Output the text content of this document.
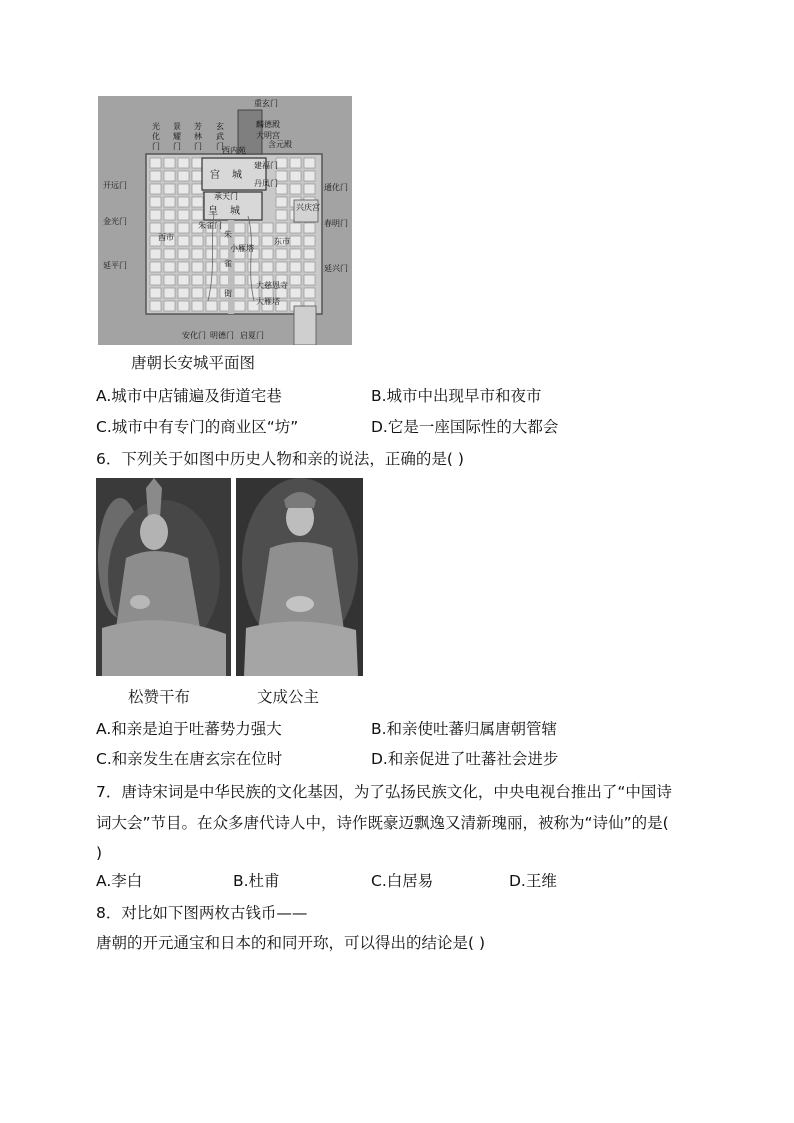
重玄门
麟德殿
大明宫
含元殿
光
化
门
景
耀
门
芳
林
门
玄
武
门
西内苑
建福门
丹凤门
开远门
宫 城
通化门
承天门
皇 城	兴庆宫
金光门	朱雀门	春明门
西市	朱
雀
街
小雁塔
东市
延平门	延兴门
大慈恩寺
大雁塔
安化门 明德门 启夏门
唐朝长安城平面图
A.城市中店铺遍及街道宅巷	B.城市中出现早市和夜市
C.城市中有专门的商业区“坊”	D.它是一座国际性的大都会
6．下列关于如图中历史人物和亲的说法，正确的是( )
松赞干布	文成公主
A.和亲是迫于吐蕃势力强大	B.和亲使吐蕃归属唐朝管辖
C.和亲发生在唐玄宗在位时	D.和亲促进了吐蕃社会进步
7．唐诗宋词是中华民族的文化基因，为了弘扬民族文化，中央电视台推出了“中国诗
词大会”节目。在众多唐代诗人中，诗作既豪迈飘逸又清新瑰丽，被称为“诗仙”的是(
)
A.李白	B.杜甫	C.白居易	D.王维
8．对比如下图两枚古钱币——
唐朝的开元通宝和日本的和同开珎，可以得出的结论是( )
